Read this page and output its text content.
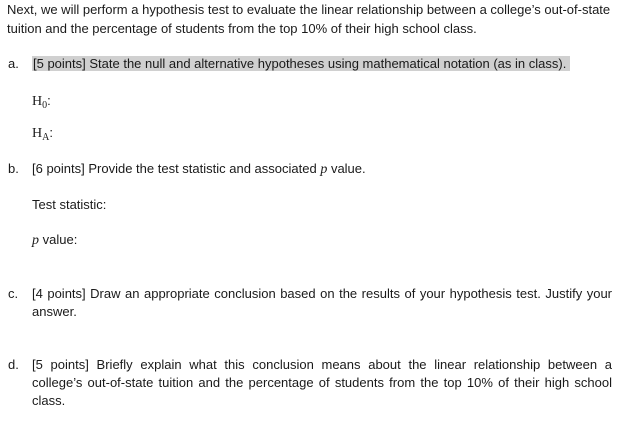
Next, we will perform a hypothesis test to evaluate the linear relationship between a college’s out-of-state tuition and the percentage of students from the top 10% of their high school class.
a. [5 points] State the null and alternative hypotheses using mathematical notation (as in class).
$H_0$:
$H_A$:
b. [6 points] Provide the test statistic and associated p value.
Test statistic:
p value:
c. [4 points] Draw an appropriate conclusion based on the results of your hypothesis test. Justify your answer.
d. [5 points] Briefly explain what this conclusion means about the linear relationship between a college’s out-of-state tuition and the percentage of students from the top 10% of their high school class.
